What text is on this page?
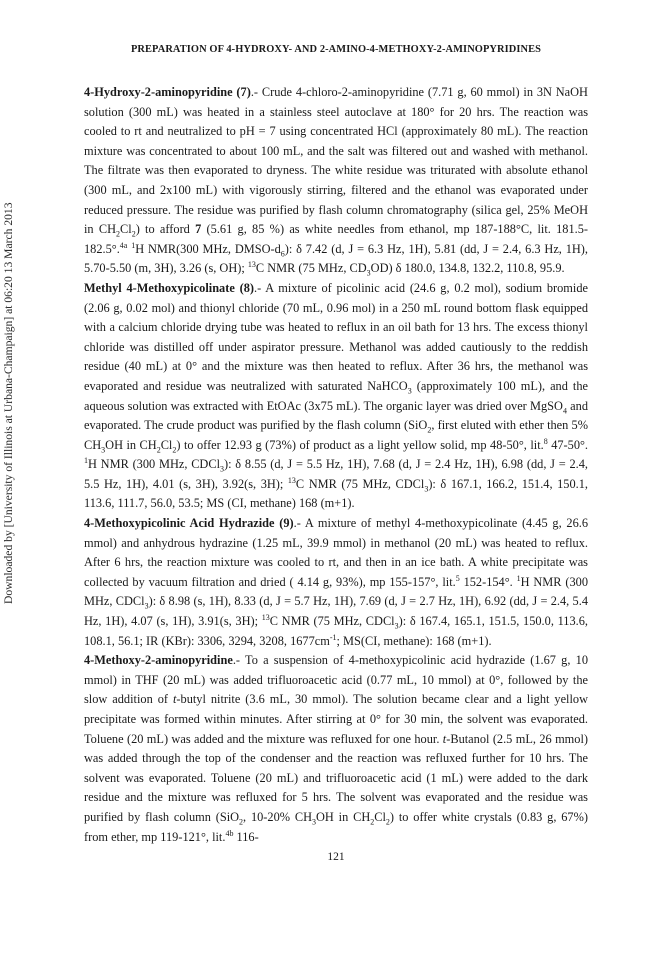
PREPARATION OF 4-HYDROXY- AND 2-AMINO-4-METHOXY-2-AMINOPYRIDINES
Downloaded by [University of Illinois at Urbana-Champaign] at 06:20 13 March 2013

4-Hydroxy-2-aminopyridine (7).- Crude 4-chloro-2-aminopyridine (7.71 g, 60 mmol) in 3N NaOH solution (300 mL) was heated in a stainless steel autoclave at 180° for 20 hrs. The reaction was cooled to rt and neutralized to pH = 7 using concentrated HCl (approximately 80 mL). The reaction mixture was concentrated to about 100 mL, and the salt was filtered out and washed with methanol. The filtrate was then evaporated to dryness. The white residue was triturated with absolute ethanol (300 mL, and 2x100 mL) with vigorously stirring, filtered and the ethanol was evaporated under reduced pressure. The residue was purified by flash column chromatography (silica gel, 25% MeOH in $CH_2Cl_2$) to afford 7 (5.61 g, 85 %) as white needles from ethanol, mp 187-188°C, lit. 181.5-182.5°.$^{4a}$ $^1$H NMR(300 MHz, DMSO-$d_6$): δ 7.42 (d, J = 6.3 Hz, 1H), 5.81 (dd, J = 2.4, 6.3 Hz, 1H), 5.70-5.50 (m, 3H), 3.26 (s, OH); $^{13}$C NMR (75 MHz, $CD_3OD$) δ 180.0, 134.8, 132.2, 110.8, 95.9.

Methyl 4-Methoxypicolinate (8).- A mixture of picolinic acid (24.6 g, 0.2 mol), sodium bromide (2.06 g, 0.02 mol) and thionyl chloride (70 mL, 0.96 mol) in a 250 mL round bottom flask equipped with a calcium chloride drying tube was heated to reflux in an oil bath for 13 hrs. The excess thionyl chloride was distilled off under aspirator pressure. Methanol was added cautiously to the reddish residue (40 mL) at 0° and the mixture was then heated to reflux. After 36 hrs, the methanol was evaporated and residue was neutralized with saturated NaHCO$_3$ (approximately 100 mL), and the aqueous solution was extracted with EtOAc (3x75 mL). The organic layer was dried over MgSO$_4$ and evaporated. The crude product was purified by the flash column (SiO$_2$, first eluted with ether then 5% $CH_3OH$ in $CH_2Cl_2$) to offer 12.93 g (73%) of product as a light yellow solid, mp 48-50°, lit.$^8$ 47-50°. $^1$H NMR (300 MHz, CDCl$_3$): δ 8.55 (d, J = 5.5 Hz, 1H), 7.68 (d, J = 2.4 Hz, 1H), 6.98 (dd, J = 2.4, 5.5 Hz, 1H), 4.01 (s, 3H), 3.92(s, 3H); $^{13}$C NMR (75 MHz, CDCl$_3$): δ 167.1, 166.2, 151.4, 150.1, 113.6, 111.7, 56.0, 53.5; MS (CI, methane) 168 (m+1).

4-Methoxypicolinic Acid Hydrazide (9).- A mixture of methyl 4-methoxypicolinate (4.45 g, 26.6 mmol) and anhydrous hydrazine (1.25 mL, 39.9 mmol) in methanol (20 mL) was heated to reflux. After 6 hrs, the reaction mixture was cooled to rt, and then in an ice bath. A white precipitate was collected by vacuum filtration and dried ( 4.14 g, 93%), mp 155-157°, lit.$^5$ 152-154°. $^1$H NMR (300 MHz, CDCl$_3$): δ 8.98 (s, 1H), 8.33 (d, J = 5.7 Hz, 1H), 7.69 (d, J = 2.7 Hz, 1H), 6.92 (dd, J = 2.4, 5.4 Hz, 1H), 4.07 (s, 1H), 3.91(s, 3H); $^{13}$C NMR (75 MHz, CDCl$_3$): δ 167.4, 165.1, 151.5, 150.0, 113.6, 108.1, 56.1; IR (KBr): 3306, 3294, 3208, $1677cm^{-1}$; MS(CI, methane): 168 (m+1).

4-Methoxy-2-aminopyridine.- To a suspension of 4-methoxypicolinic acid hydrazide (1.67 g, 10 mmol) in THF (20 mL) was added trifluoroacetic acid (0.77 mL, 10 mmol) at 0°, followed by the slow addition of t-butyl nitrite (3.6 mL, 30 mmol). The solution became clear and a light yellow precipitate was formed within minutes. After stirring at 0° for 30 min, the solvent was evaporated. Toluene (20 mL) was added and the mixture was refluxed for one hour. t-Butanol (2.5 mL, 26 mmol) was added through the top of the condenser and the reaction was refluxed further for 10 hrs. The solvent was evaporated. Toluene (20 mL) and trifluoroacetic acid (1 mL) were added to the dark residue and the mixture was refluxed for 5 hrs. The solvent was evaporated and the residue was purified by flash column (SiO$_2$, 10-20% $CH_3OH$ in $CH_2Cl_2$) to offer white crystals (0.83 g, 67%) from ether, mp 119-121°, lit.$^{4b}$ 116-

121
